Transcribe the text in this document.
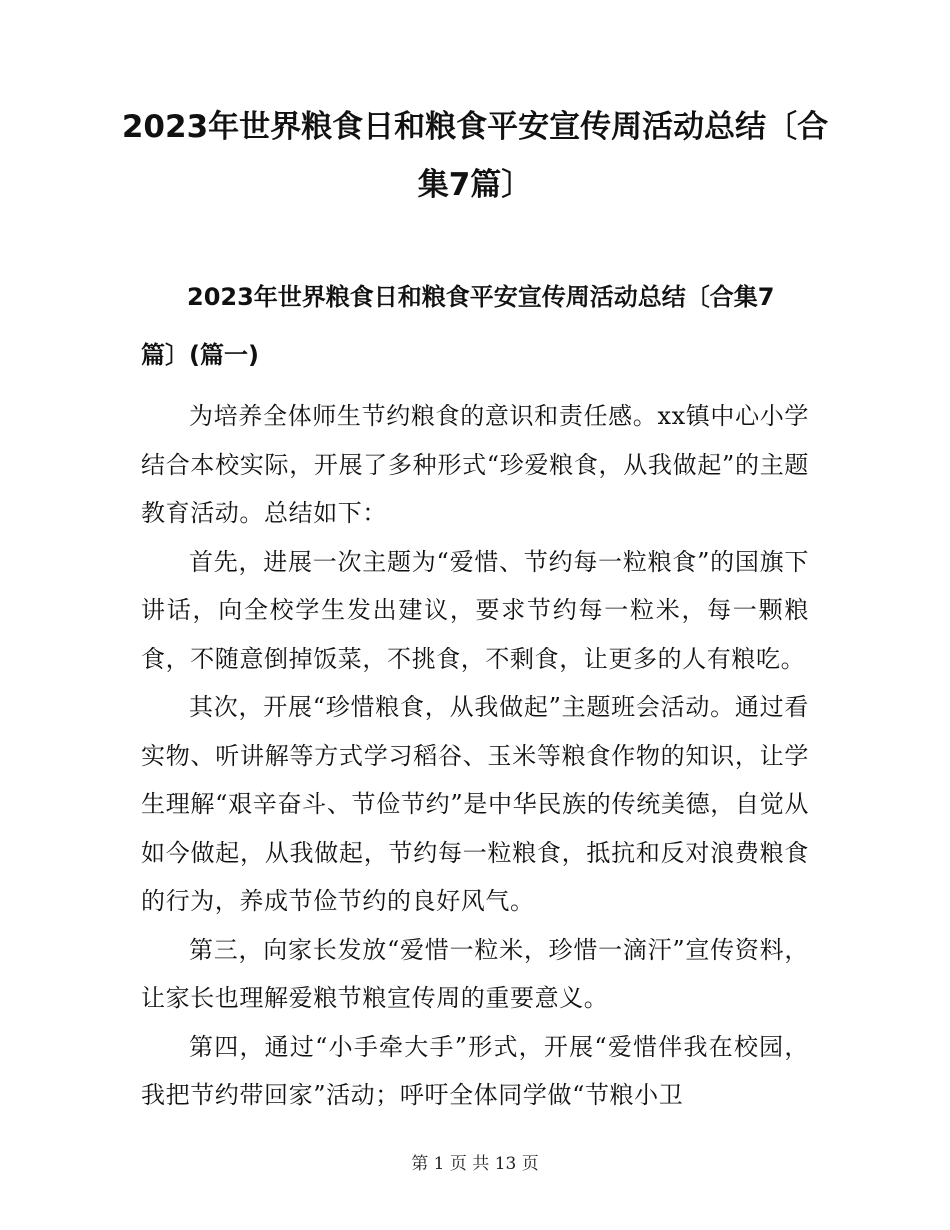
2023年世界粮食日和粮食平安宣传周活动总结〔合集7篇〕
2023年世界粮食日和粮食平安宣传周活动总结〔合集7篇〕(篇一)

为培养全体师生节约粮食的意识和责任感。xx镇中心小学结合本校实际，开展了多种形式“珍爱粮食，从我做起”的主题教育活动。总结如下：

首先，进展一次主题为“爱惜、节约每一粒粮食”的国旗下讲话，向全校学生发出建议，要求节约每一粒米，每一颗粮食，不随意倒掉饭菜，不挑食，不剩食，让更多的人有粮吃。

其次，开展“珍惜粮食，从我做起”主题班会活动。通过看实物、听讲解等方式学习稻谷、玉米等粮食作物的知识，让学生理解“艰辛奋斗、节俭节约”是中华民族的传统美德，自觉从如今做起，从我做起，节约每一粒粮食，抵抗和反对浪费粮食的行为，养成节俭节约的良好风气。

第三，向家长发放“爱惜一粒米，珍惜一滴汗”宣传资料，让家长也理解爱粮节粮宣传周的重要意义。

第四，通过“小手牵大手”形式，开展“爱惜伴我在校园，我把节约带回家”活动；呼吁全体同学做“节粮小卫

第 1 页 共 13 页
